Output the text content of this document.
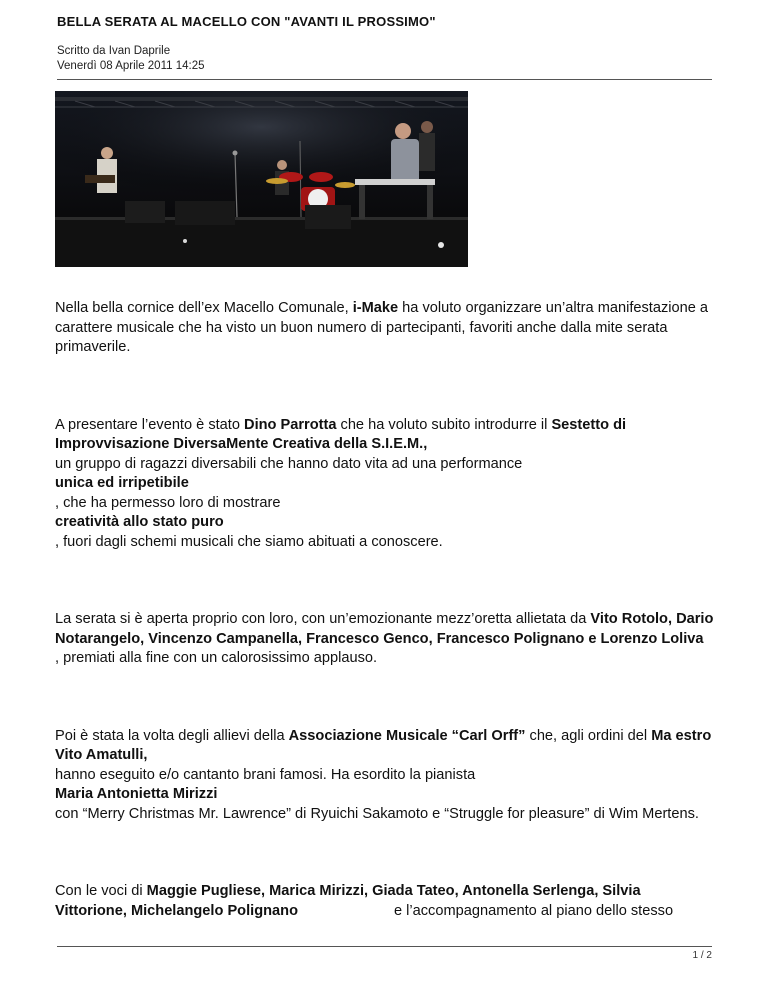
BELLA SERATA AL MACELLO CON "AVANTI IL PROSSIMO"
Scritto da Ivan Daprile
Venerdì 08 Aprile 2011 14:25

Nella bella cornice dell’ex Macello Comunale, i-Make ha voluto organizzare un’altra manifestazione a carattere musicale che ha visto un buon numero di partecipanti, favoriti anche dalla mite serata primaverile.

A presentare l’evento è stato Dino Parrotta che ha voluto subito introdurre il Sestetto di Improvvisazione DiversaMente Creativa della S.I.E.M.,
un gruppo di ragazzi diversabili che hanno dato vita ad una performance
unica ed irripetibile
, che ha permesso loro di mostrare
creatività allo stato puro
, fuori dagli schemi musicali che siamo abituati a conoscere.

La serata si è aperta proprio con loro, con un’emozionante mezz’oretta allietata da Vito Rotolo, Dario Notarangelo, Vincenzo Campanella, Francesco Genco, Francesco Polignano e Lorenzo Loliva
, premiati alla fine con un calorosissimo applauso.

Poi è stata la volta degli allievi della Associazione Musicale “Carl Orff” che, agli ordini del Ma estro Vito Amatulli,
hanno eseguito e/o cantanto brani famosi. Ha esordito la pianista
Maria Antonietta Mirizzi
con “Merry Christmas Mr. Lawrence” di Ryuichi Sakamoto e “Struggle for pleasure” di Wim Mertens.

Con le voci di Maggie Pugliese, Marica Mirizzi, Giada Tateo, Antonella Serlenga, Silvia Vittorione, Michelangelo Polignano	e l’accompagnamento al piano dello stesso

1 / 2
